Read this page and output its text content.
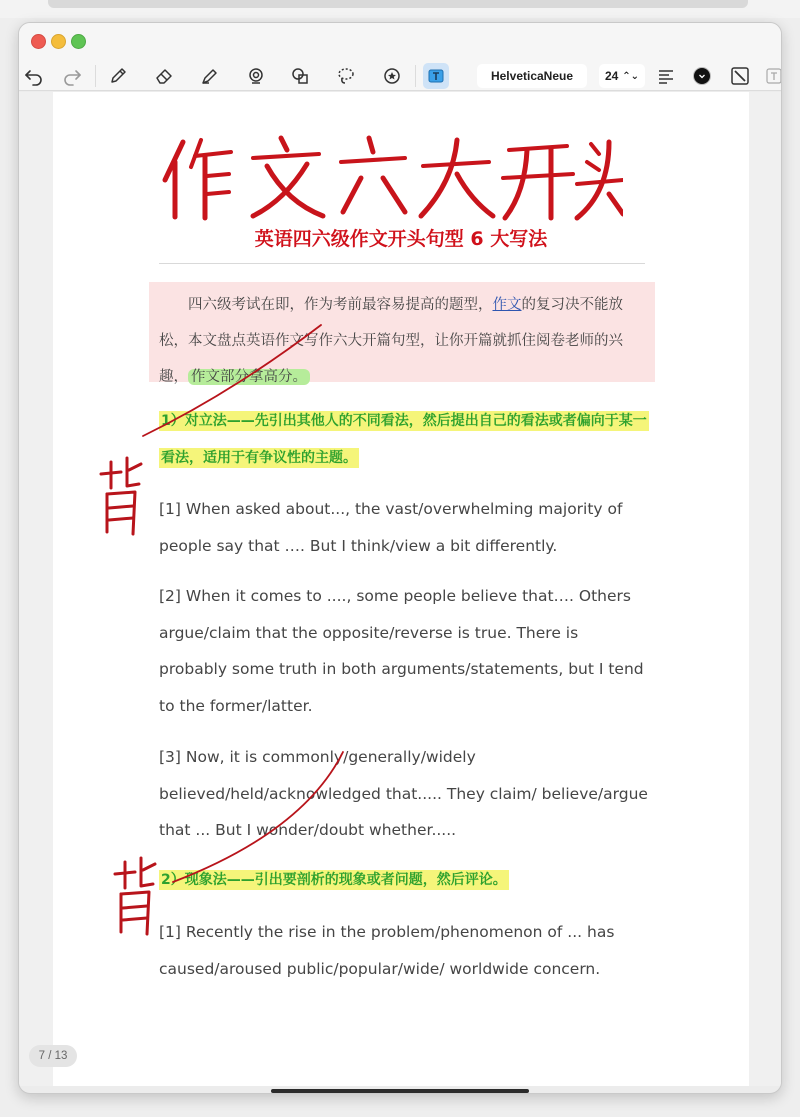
HelveticaNeue	24 ⌃⌄
英语四六级作文开头句型 6 大写法
四六级考试在即，作为考前最容易提高的题型，作文的复习决不能放松，本文盘点英语作文写作六大开篇句型，让你开篇就抓住阅卷老师的兴趣， 作文部分拿高分。
1）对立法——先引出其他人的不同看法，然后提出自己的看法或者偏向于某一看法，适用于有争议性的主题。
[1] When asked about..., the vast/overwhelming majority of people say that …. But I think/view a bit differently.
[2] When it comes to ...., some people believe that…. Others argue/claim that the opposite/reverse is true. There is probably some truth in both arguments/statements, but I tend to the former/latter.
[3] Now, it is commonly/generally/widely believed/held/acknowledged that..... They claim/ believe/argue that ... But I wonder/doubt whether.....
2）现象法——引出要剖析的现象或者问题，然后评论。
[1] Recently the rise in the problem/phenomenon of ... has caused/aroused public/popular/wide/ worldwide concern.
7 / 13
